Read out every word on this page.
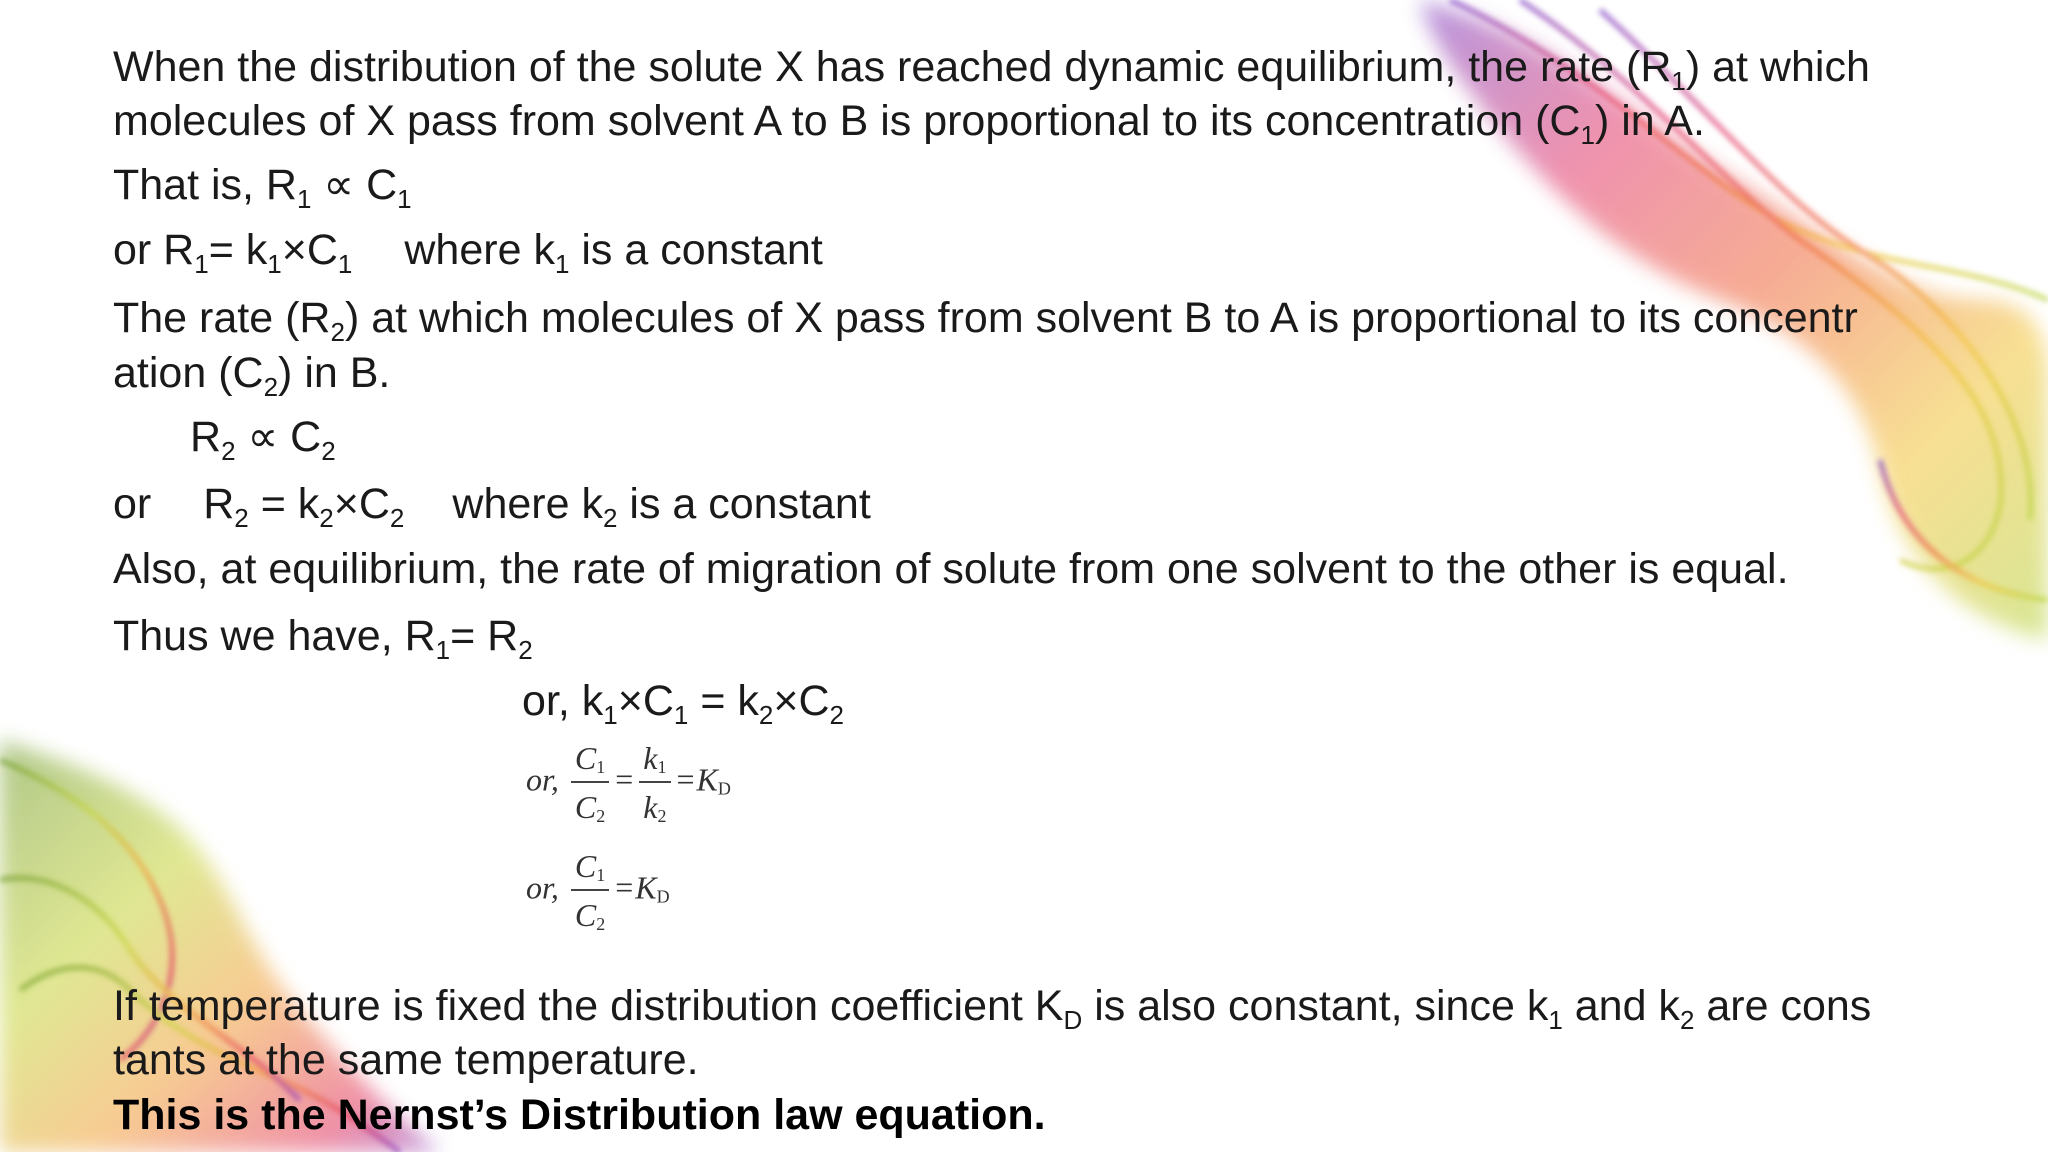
When the distribution of the solute X has reached dynamic equilibrium, the rate $(R_1)$ at which
molecules of X pass from solvent A to B is proportional to its concentration $(C_1)$ in A.
That is, $R_1 \propto C_1$
or $R_1= k_1\times C_1$ where $k_1$ is a constant
The rate $(R_2)$ at which molecules of X pass from solvent B to A is proportional to its concentr
ation $(C_2)$ in B.
$R_2 \propto C_2$
or $R_2 = k_2\times C_2$ where $k_2$ is a constant
Also, at equilibrium, the rate of migration of solute from one solvent to the other is equal.
Thus we have, $R_1= R_2$
or, $k_1\times C_1 = k_2\times C_2$
or, $\frac{C_1}{C_2} = \frac{k_1}{k_2} =K_D$
or, $\frac{C_1}{C_2} =K_D$
If temperature is fixed the distribution coefficient $K_D$ is also constant, since $k_1$ and $k_2$ are cons
tants at the same temperature.
This is the Nernst’s Distribution law equation.
